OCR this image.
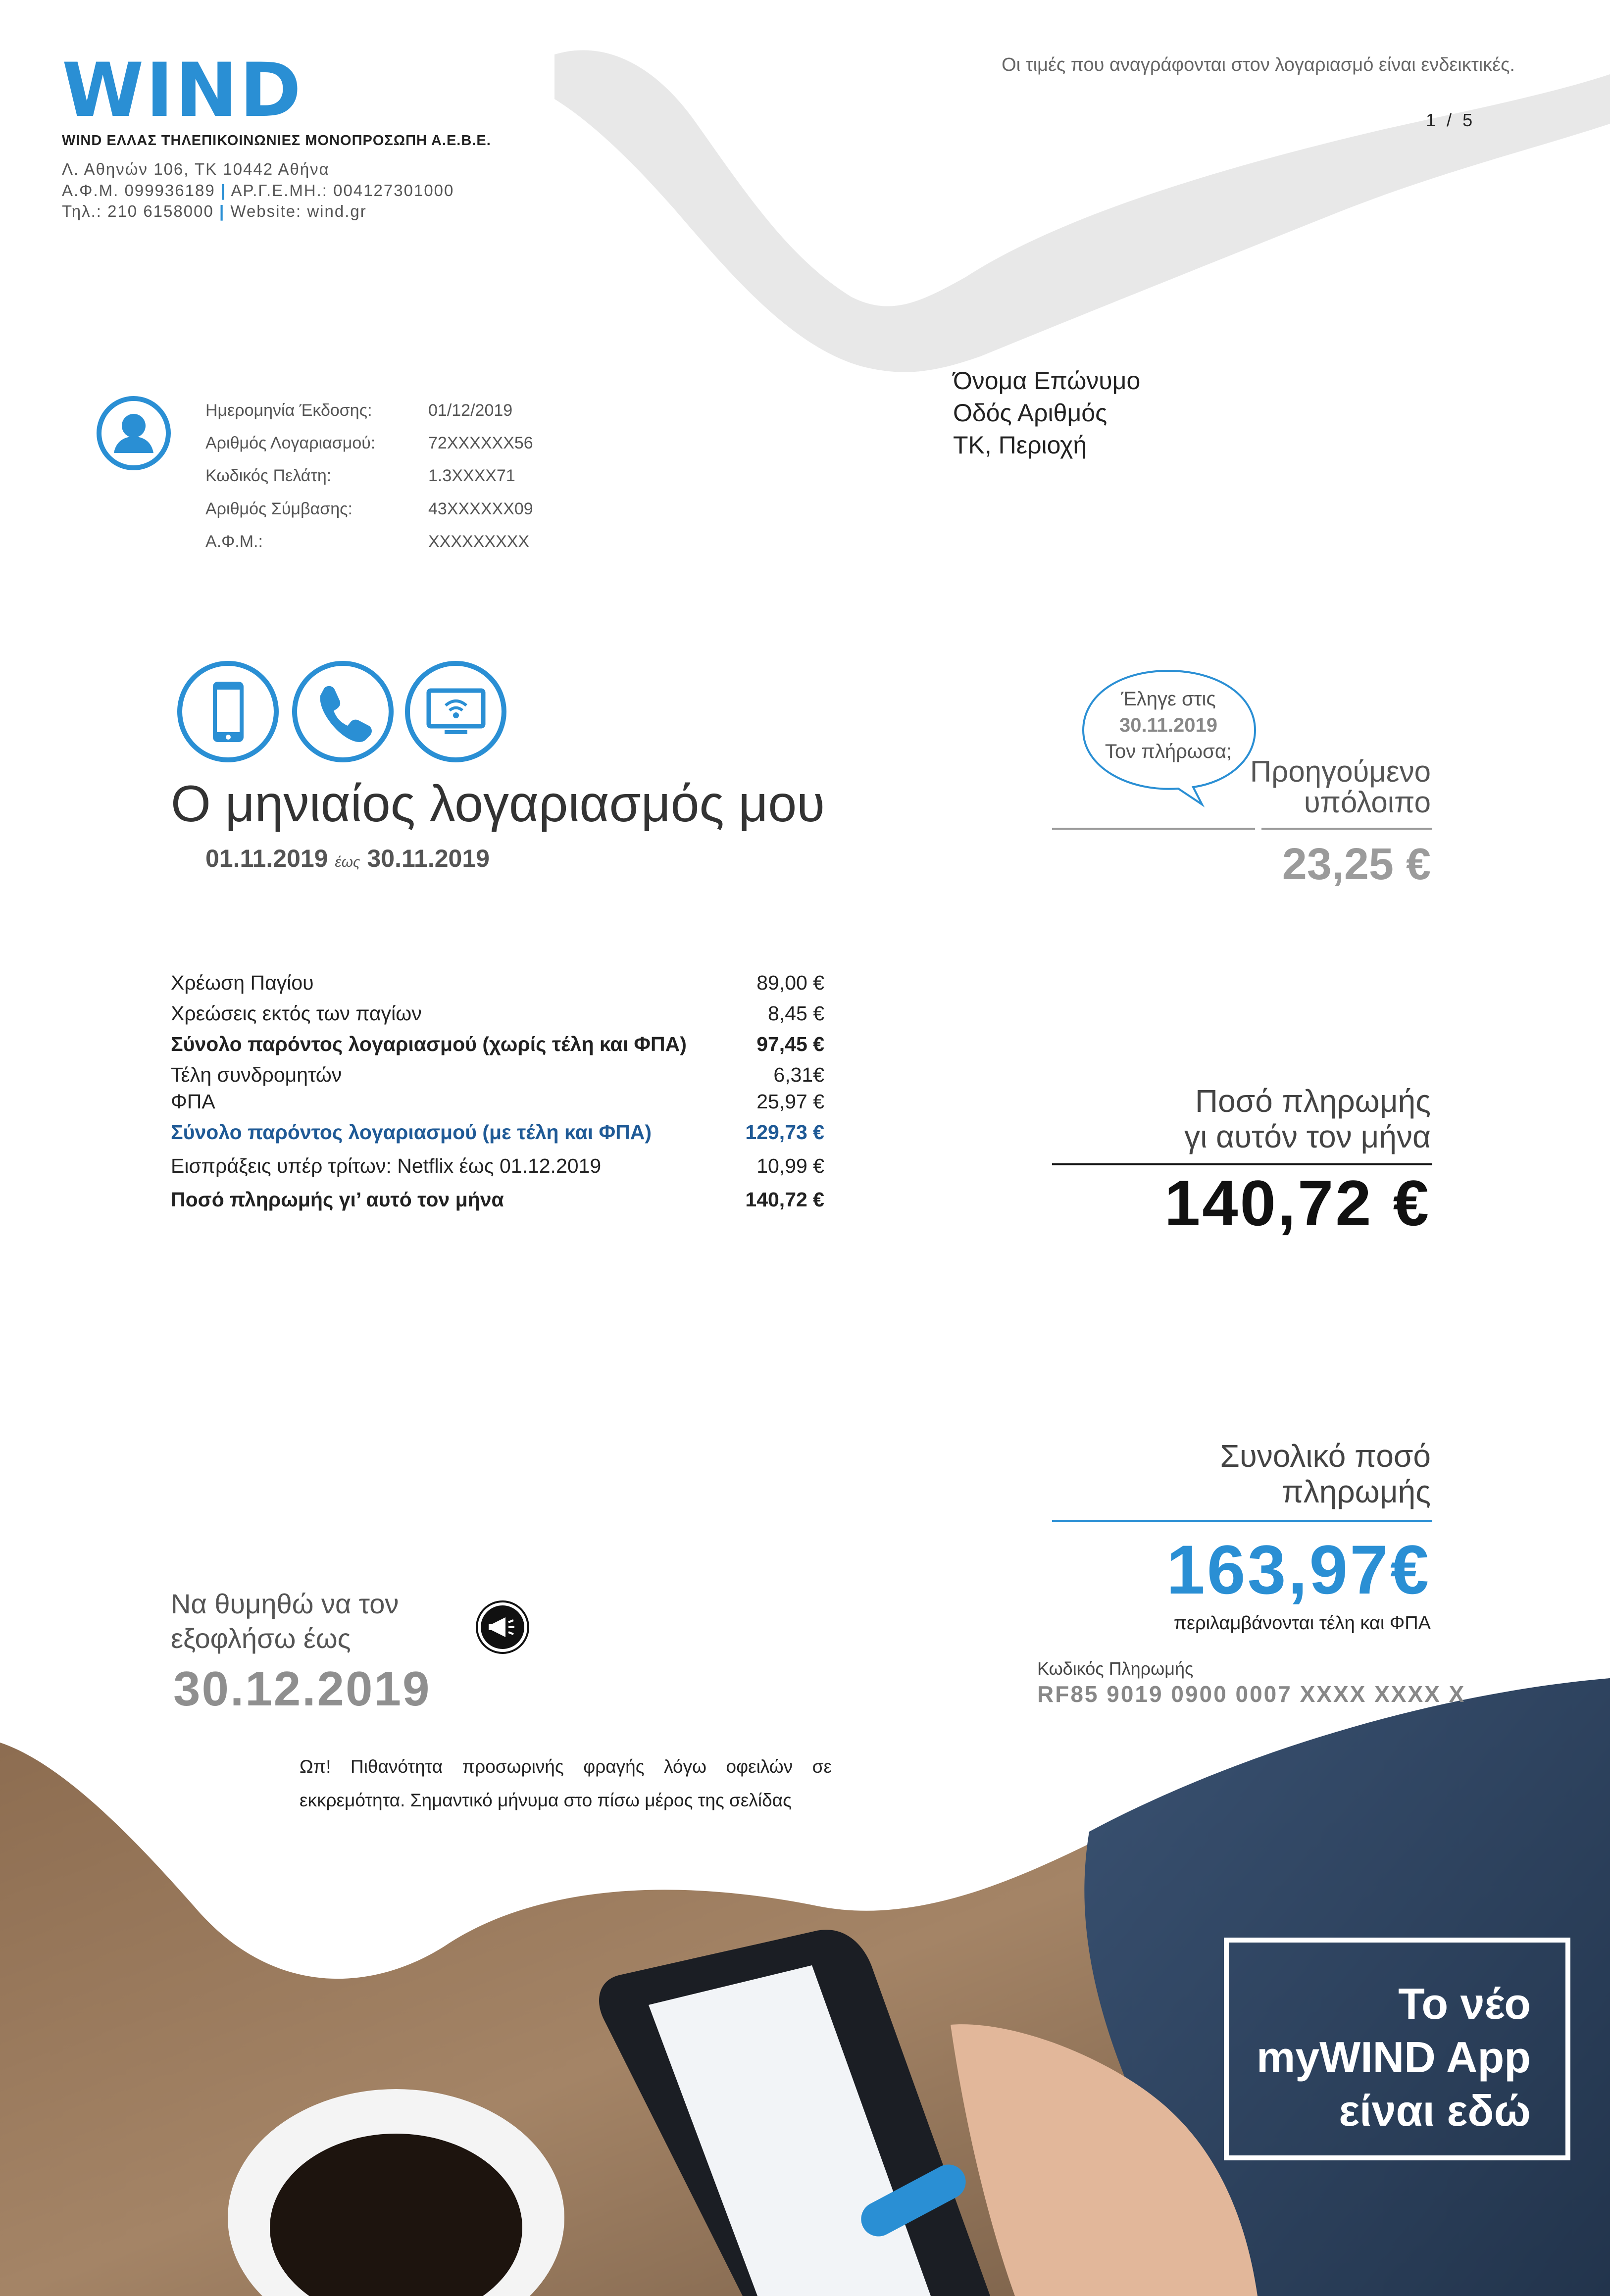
WIND
WIND ΕΛΛΑΣ ΤΗΛΕΠΙΚΟΙΝΩΝΙΕΣ ΜΟΝΟΠΡΟΣΩΠΗ Α.Ε.Β.Ε.
Λ. Αθηνών 106, ΤΚ 10442 Αθήνα
Α.Φ.Μ. 099936189 | ΑΡ.Γ.Ε.ΜΗ.: 004127301000
Τηλ.: 210 6158000 | Website: wind.gr
Οι τιμές που αναγράφονται στον λογαριασμό είναι ενδεικτικές.
1 / 5
Ημερομηνία Έκδοσης:	01/12/2019
Αριθμός Λογαριασμού:	72XXXXXX56
Κωδικός Πελάτη:	1.3XXXX71
Αριθμός Σύμβασης:	43XXXXXX09
Α.Φ.Μ.:	XXXXXXXXX
Όνομα Επώνυμο
Οδός Αριθμός
ΤΚ, Περιοχή
Ο μηνιαίος λογαριασμός μου
01.11.2019 έως 30.11.2019
Έληγε στις
30.11.2019
Τον πλήρωσα;
Προηγούμενο
υπόλοιπο
23,25 €
Χρέωση Παγίου	89,00 €
Χρεώσεις εκτός των παγίων	8,45 €
Σύνολο παρόντος λογαριασμού (χωρίς τέλη και ΦΠΑ)	97,45 €
Τέλη συνδρομητών	6,31€
ΦΠΑ	25,97 €
Σύνολο παρόντος λογαριασμού (με τέλη και ΦΠΑ)	129,73 €
Εισπράξεις υπέρ τρίτων: Netflix έως 01.12.2019	10,99 €
Ποσό πληρωμής γι’ αυτό τον μήνα	140,72 €
Ποσό πληρωμής
γι αυτόν τον μήνα
140,72 €
Συνολικό ποσό
πληρωμής
163,97€
περιλαμβάνονται τέλη και ΦΠΑ
Κωδικός Πληρωμής
RF85 9019 0900 0007 XXXX XXXX X
Να θυμηθώ να τον
εξοφλήσω έως
30.12.2019
Ωπ! Πιθανότητα προσωρινής φραγής λόγω οφειλών σε εκκρεμότητα. Σημαντικό μήνυμα στο πίσω μέρος της σελίδας
Το νέο
myWIND App
είναι εδώ
